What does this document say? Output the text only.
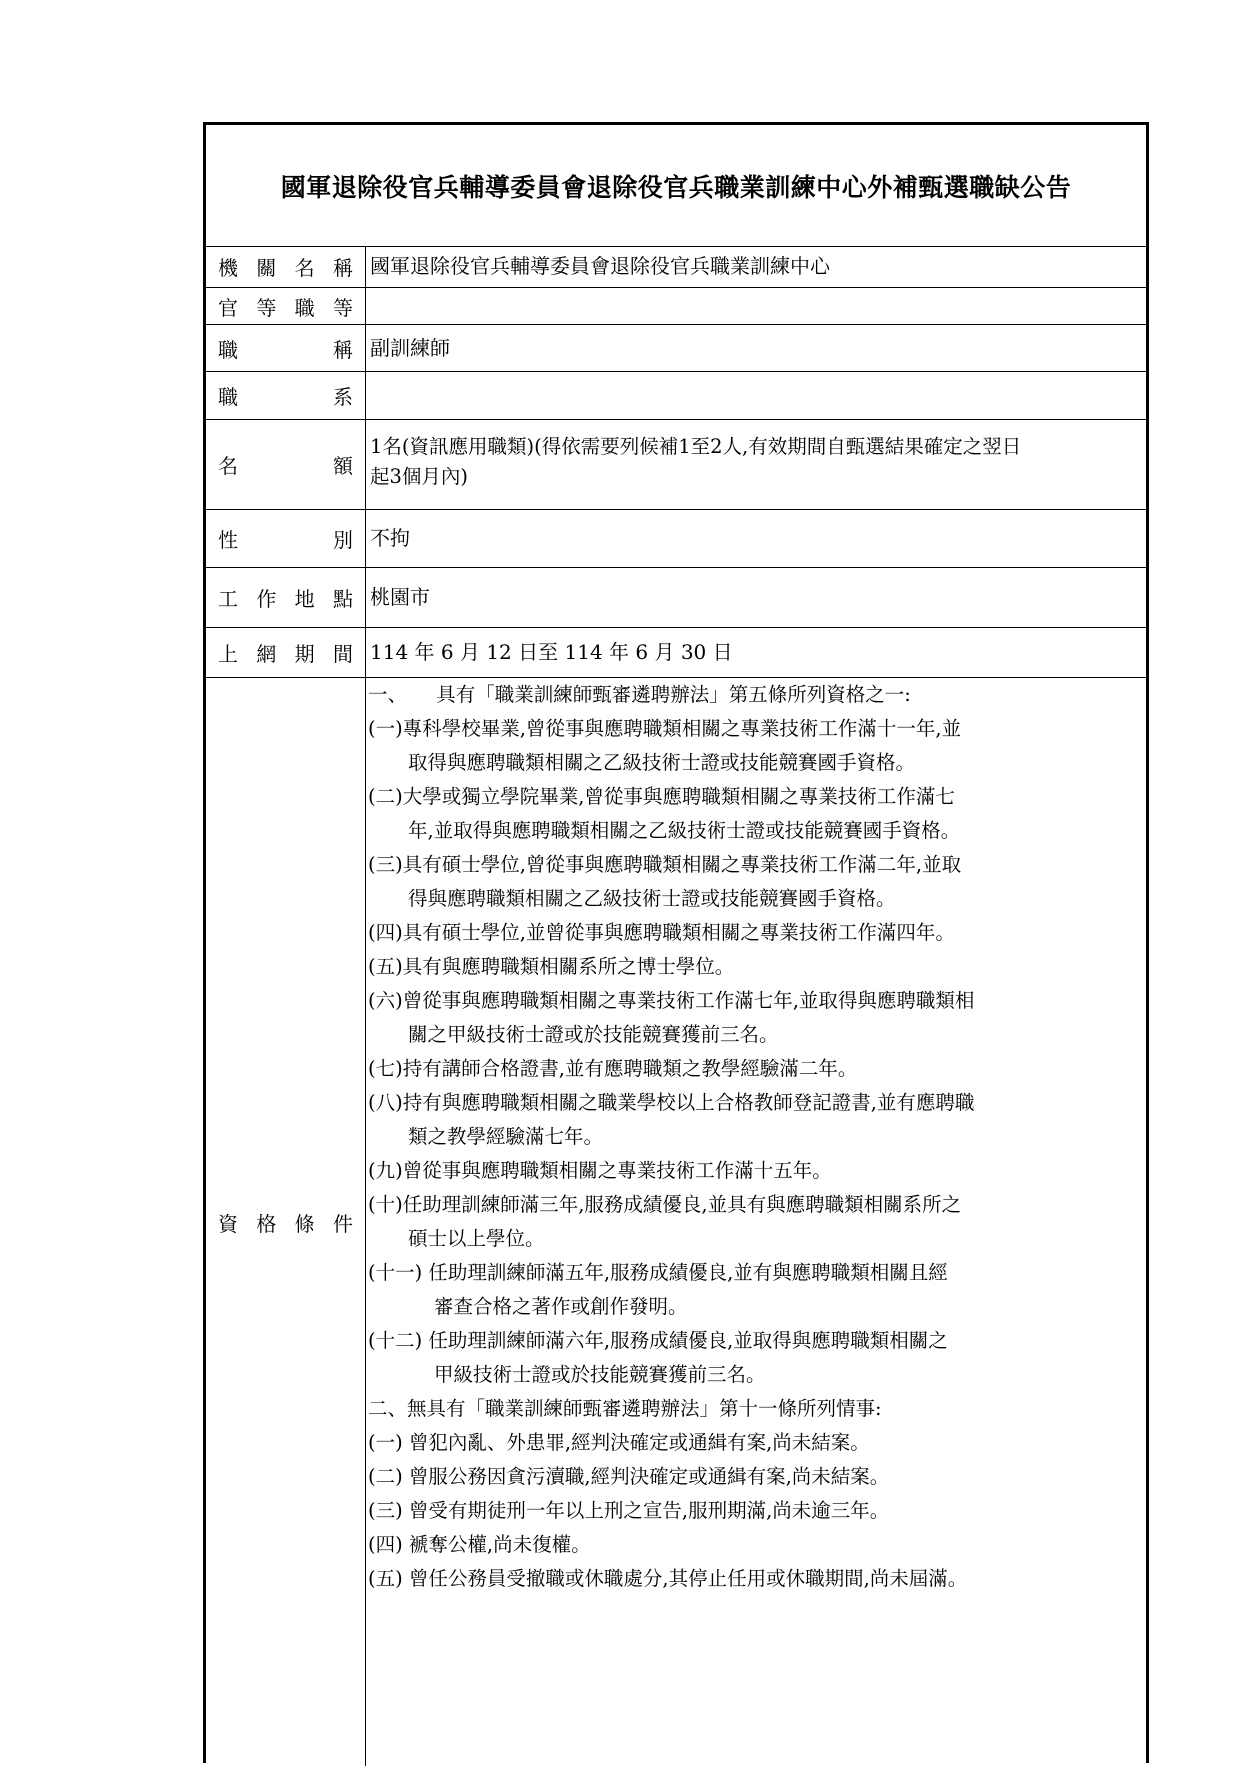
國軍退除役官兵輔導委員會退除役官兵職業訓練中心外補甄選職缺公告
機關名稱 國軍退除役官兵輔導委員會退除役官兵職業訓練中心
官等職等
職稱 副訓練師
職系
名額
1名(資訊應用職類)(得依需要列候補1至2人,有效期間自甄選結果確定之翌日
起3個月內)
性別 不拘
工作地點 桃園市
上網期間 114 年 6 月 12 日至 114 年 6 月 30 日
資格條件
一、　　具有「職業訓練師甄審遴聘辦法」第五條所列資格之一:
(一)專科學校畢業,曾從事與應聘職類相關之專業技術工作滿十一年,並
取得與應聘職類相關之乙級技術士證或技能競賽國手資格。
(二)大學或獨立學院畢業,曾從事與應聘職類相關之專業技術工作滿七
年,並取得與應聘職類相關之乙級技術士證或技能競賽國手資格。
(三)具有碩士學位,曾從事與應聘職類相關之專業技術工作滿二年,並取
得與應聘職類相關之乙級技術士證或技能競賽國手資格。
(四)具有碩士學位,並曾從事與應聘職類相關之專業技術工作滿四年。
(五)具有與應聘職類相關系所之博士學位。
(六)曾從事與應聘職類相關之專業技術工作滿七年,並取得與應聘職類相
關之甲級技術士證或於技能競賽獲前三名。
(七)持有講師合格證書,並有應聘職類之教學經驗滿二年。
(八)持有與應聘職類相關之職業學校以上合格教師登記證書,並有應聘職
類之教學經驗滿七年。
(九)曾從事與應聘職類相關之專業技術工作滿十五年。
(十)任助理訓練師滿三年,服務成績優良,並具有與應聘職類相關系所之
碩士以上學位。
(十一) 任助理訓練師滿五年,服務成績優良,並有與應聘職類相關且經
審查合格之著作或創作發明。
(十二) 任助理訓練師滿六年,服務成績優良,並取得與應聘職類相關之
甲級技術士證或於技能競賽獲前三名。
二、無具有「職業訓練師甄審遴聘辦法」第十一條所列情事:
(一) 曾犯內亂、外患罪,經判決確定或通緝有案,尚未結案。
(二) 曾服公務因貪污瀆職,經判決確定或通緝有案,尚未結案。
(三) 曾受有期徒刑一年以上刑之宣告,服刑期滿,尚未逾三年。
(四) 褫奪公權,尚未復權。
(五) 曾任公務員受撤職或休職處分,其停止任用或休職期間,尚未屆滿。
